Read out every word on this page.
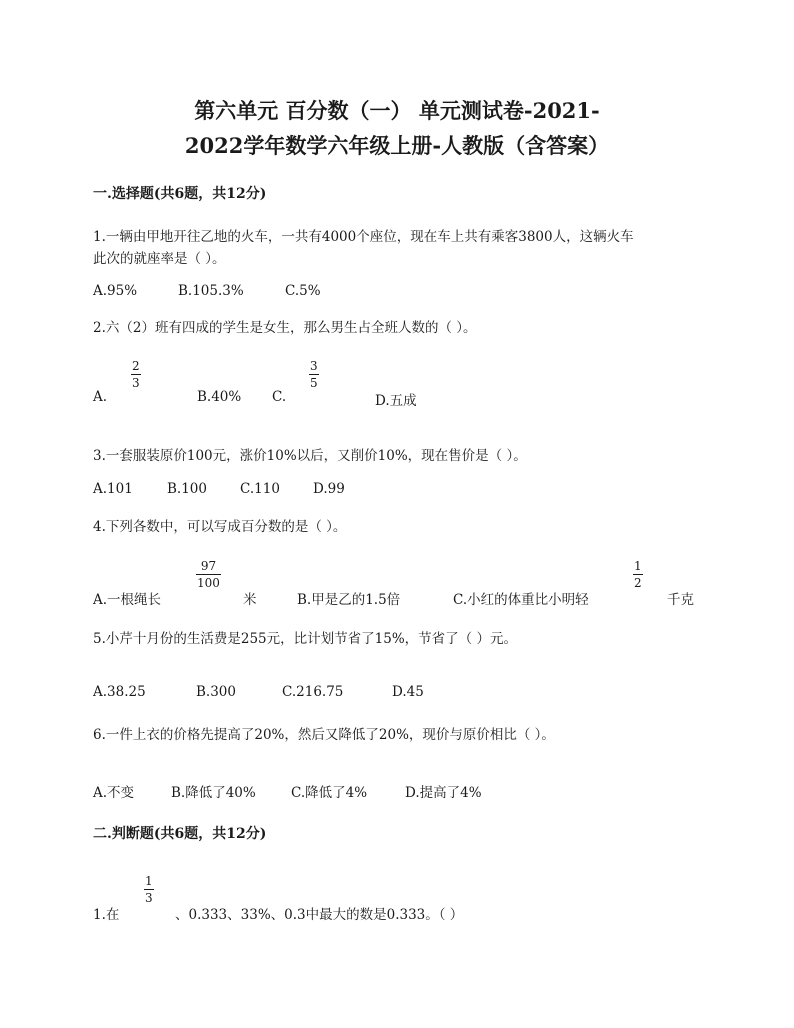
第六单元 百分数（一） 单元测试卷-2021-
2022学年数学六年级上册-人教版（含答案）
一.选择题(共6题，共12分)
1.一辆由甲地开往乙地的火车，一共有4000个座位，现在车上共有乘客3800人，这辆火车
此次的就座率是（ ）。
A.95%	B.105.3%	C.5%
2.六（2）班有四成的学生是女生，那么男生占全班人数的（ ）。
A.
2
3
B.40% C.
3
5
D.五成
3.一套服装原价100元，涨价10%以后，又削价10%，现在售价是（ ）。
A.101	B.100 C.110 D.99
4.下列各数中，可以写成百分数的是（ ）。
A.一根绳长
97
100
米	B.甲是乙的1.5倍	C.小红的体重比小明轻
1
2
千克
5.小芹十月份的生活费是255元，比计划节省了15%，节省了（ ）元。
A.38.25	B.300	C.216.75	D.45
6.一件上衣的价格先提高了20%，然后又降低了20%，现价与原价相比（ ）。
A.不变	B.降低了40%	C.降低了4%	D.提高了4%
二.判断题(共6题，共12分)
1.在
1
3
、0.333、33%、0.3中最大的数是0.333。（ ）
